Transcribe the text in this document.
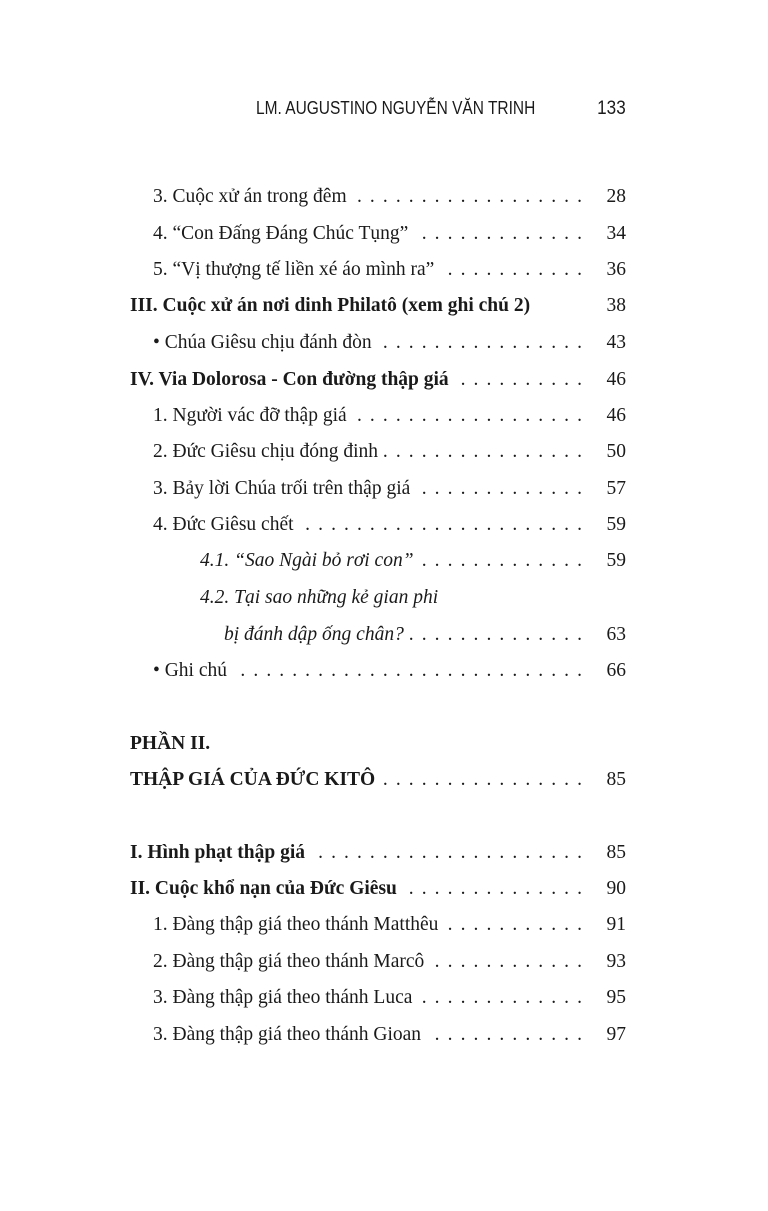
LM. AUGUSTINO NGUYỄN VĂN TRINH	133
3. Cuộc xử án trong đêm . . .	28
4. “Con Đấng Đáng Chúc Tụng” . . .	34
5. “Vị thượng tế liền xé áo mình ra” . . .	36
III. Cuộc xử án nơi dinh Philatô (xem ghi chú 2)	38
• Chúa Giêsu chịu đánh đòn . . .	43
IV. Via Dolorosa - Con đường thập giá . . .	46
1. Người vác đỡ thập giá . . .	46
2. Đức Giêsu chịu đóng đinh . . .	50
3. Bảy lời Chúa trối trên thập giá . . .	57
4. Đức Giêsu chết . . .	59
4.1. “Sao Ngài bỏ rơi con” . . .	59
4.2. Tại sao những kẻ gian phi
bị đánh dập ống chân? . . .	63
• Ghi chú . . .	66
PHẦN II.
THẬP GIÁ CỦA ĐỨC KITÔ . . .	85
I. Hình phạt thập giá . . .	85
II. Cuộc khổ nạn của Đức Giêsu . . .	90
1. Đàng thập giá theo thánh Matthêu . . .	91
2. Đàng thập giá theo thánh Marcô . . .	93
3. Đàng thập giá theo thánh Luca . . .	95
3. Đàng thập giá theo thánh Gioan . . .	97
